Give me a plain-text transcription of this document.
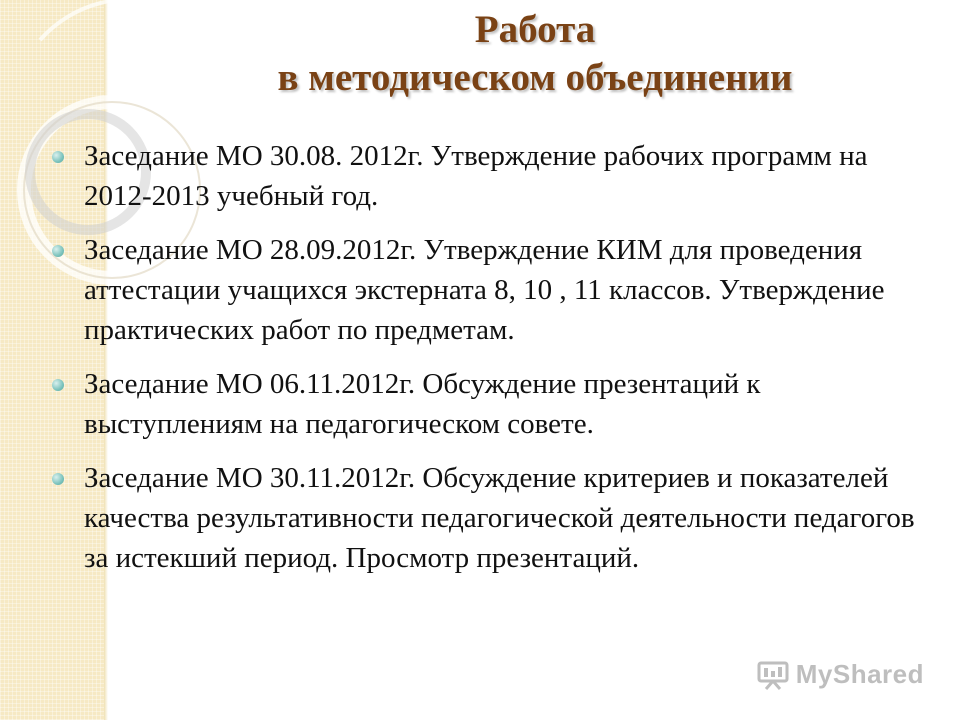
Работа
в методическом объединении
Заседание МО 30.08. 2012г. Утверждение рабочих программ на 2012-2013 учебный год.
Заседание МО 28.09.2012г. Утверждение КИМ для проведения аттестации учащихся экстерната 8, 10 , 11 классов. Утверждение практических работ по предметам.
Заседание МО 06.11.2012г. Обсуждение презентаций к выступлениям на педагогическом совете.
Заседание МО 30.11.2012г. Обсуждение критериев и показателей качества результативности педагогической деятельности педагогов за истекший период. Просмотр презентаций.
MyShared
